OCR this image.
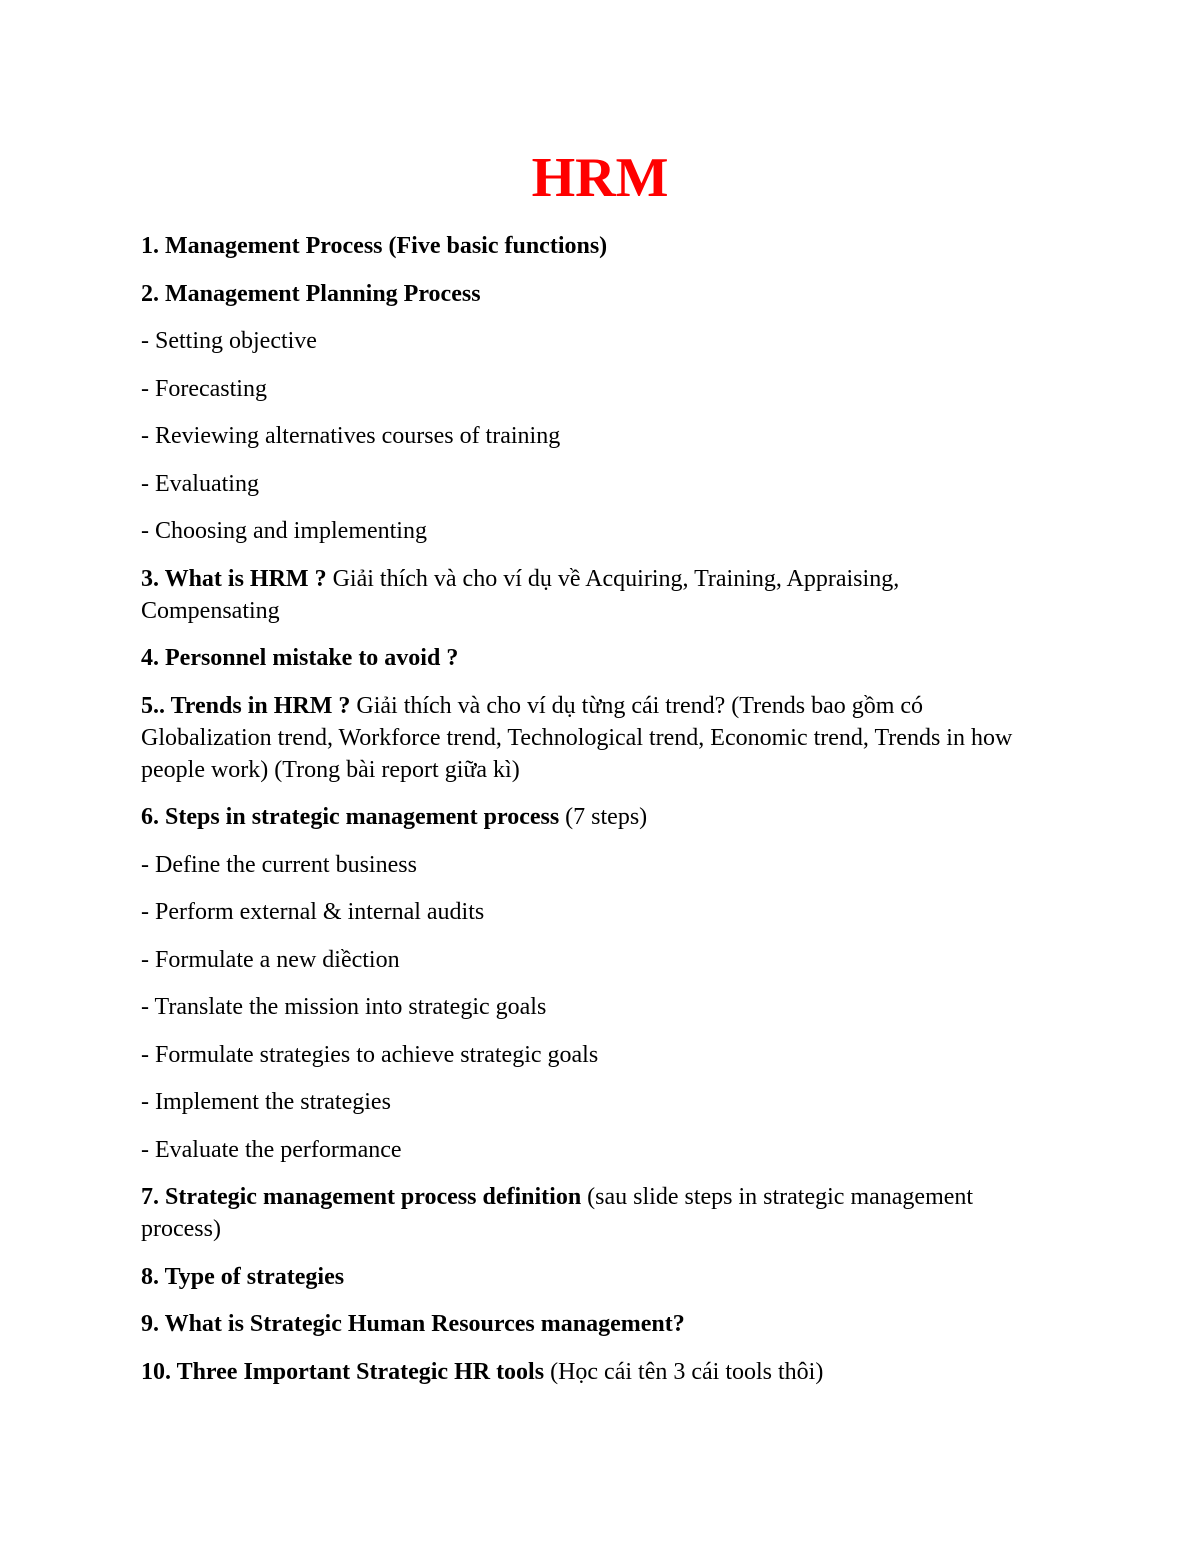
HRM

1. Management Process (Five basic functions)

2. Management Planning Process

- Setting objective

- Forecasting

- Reviewing alternatives courses of training

- Evaluating

- Choosing and implementing

3. What is HRM ? Giải thích và cho ví dụ về Acquiring, Training, Appraising, Compensating

4. Personnel mistake to avoid ?

5.. Trends in HRM ? Giải thích và cho ví dụ từng cái trend? (Trends bao gồm có Globalization trend, Workforce trend, Technological trend, Economic trend, Trends in how people work) (Trong bài report giữa kì)

6. Steps in strategic management process (7 steps)

- Define the current business

- Perform external & internal audits

- Formulate a new diềction

- Translate the mission into strategic goals

- Formulate strategies to achieve strategic goals

- Implement the strategies

- Evaluate the performance

7. Strategic management process definition (sau slide steps in strategic management process)

8. Type of strategies

9. What is Strategic Human Resources management?

10. Three Important Strategic HR tools (Học cái tên 3 cái tools thôi)
